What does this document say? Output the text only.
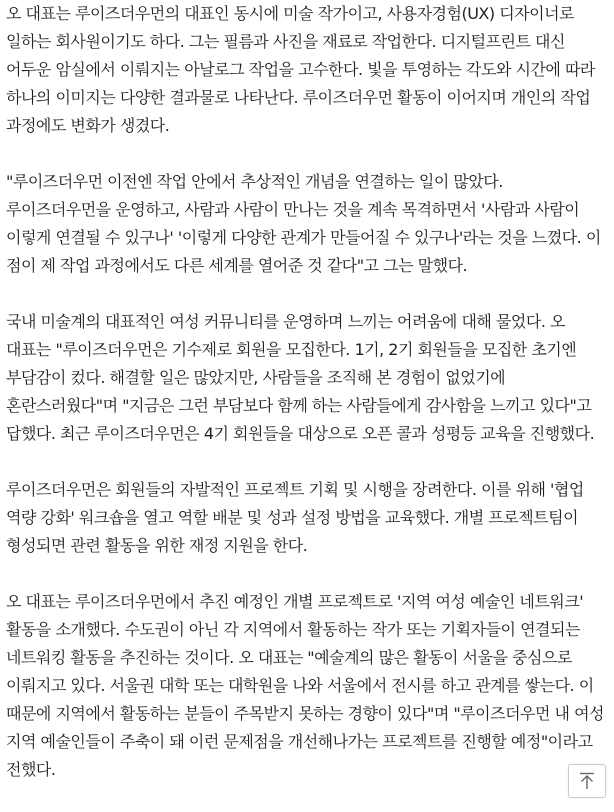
오 대표는 루이즈더우먼의 대표인 동시에 미술 작가이고, 사용자경험(UX) 디자이너로 일하는 회사원이기도 하다. 그는 필름과 사진을 재료로 작업한다. 디지털프린트 대신 어두운 암실에서 이뤄지는 아날로그 작업을 고수한다. 빛을 투영하는 각도와 시간에 따라 하나의 이미지는 다양한 결과물로 나타난다. 루이즈더우먼 활동이 이어지며 개인의 작업 과정에도 변화가 생겼다.

"루이즈더우먼 이전엔 작업 안에서 추상적인 개념을 연결하는 일이 많았다. 루이즈더우먼을 운영하고, 사람과 사람이 만나는 것을 계속 목격하면서 '사람과 사람이 이렇게 연결될 수 있구나' '이렇게 다양한 관계가 만들어질 수 있구나'라는 것을 느꼈다. 이 점이 제 작업 과정에서도 다른 세계를 열어준 것 같다"고 그는 말했다.

국내 미술계의 대표적인 여성 커뮤니티를 운영하며 느끼는 어려움에 대해 물었다. 오 대표는 "루이즈더우먼은 기수제로 회원을 모집한다. 1기, 2기 회원들을 모집한 초기엔 부담감이 컸다. 해결할 일은 많았지만, 사람들을 조직해 본 경험이 없었기에 혼란스러웠다"며 "지금은 그런 부담보다 함께 하는 사람들에게 감사함을 느끼고 있다"고 답했다. 최근 루이즈더우먼은 4기 회원들을 대상으로 오픈 콜과 성평등 교육을 진행했다.

루이즈더우먼은 회원들의 자발적인 프로젝트 기획 및 시행을 장려한다. 이를 위해 '협업 역량 강화' 워크숍을 열고 역할 배분 및 성과 설정 방법을 교육했다. 개별 프로젝트팀이 형성되면 관련 활동을 위한 재정 지원을 한다.

오 대표는 루이즈더우먼에서 추진 예정인 개별 프로젝트로 '지역 여성 예술인 네트워크' 활동을 소개했다. 수도권이 아닌 각 지역에서 활동하는 작가 또는 기획자들이 연결되는 네트워킹 활동을 추진하는 것이다. 오 대표는 "예술계의 많은 활동이 서울을 중심으로 이뤄지고 있다. 서울권 대학 또는 대학원을 나와 서울에서 전시를 하고 관계를 쌓는다. 이 때문에 지역에서 활동하는 분들이 주목받지 못하는 경향이 있다"며 "루이즈더우먼 내 여성 지역 예술인들이 주축이 돼 이런 문제점을 개선해나가는 프로젝트를 진행할 예정"이라고 전했다.
